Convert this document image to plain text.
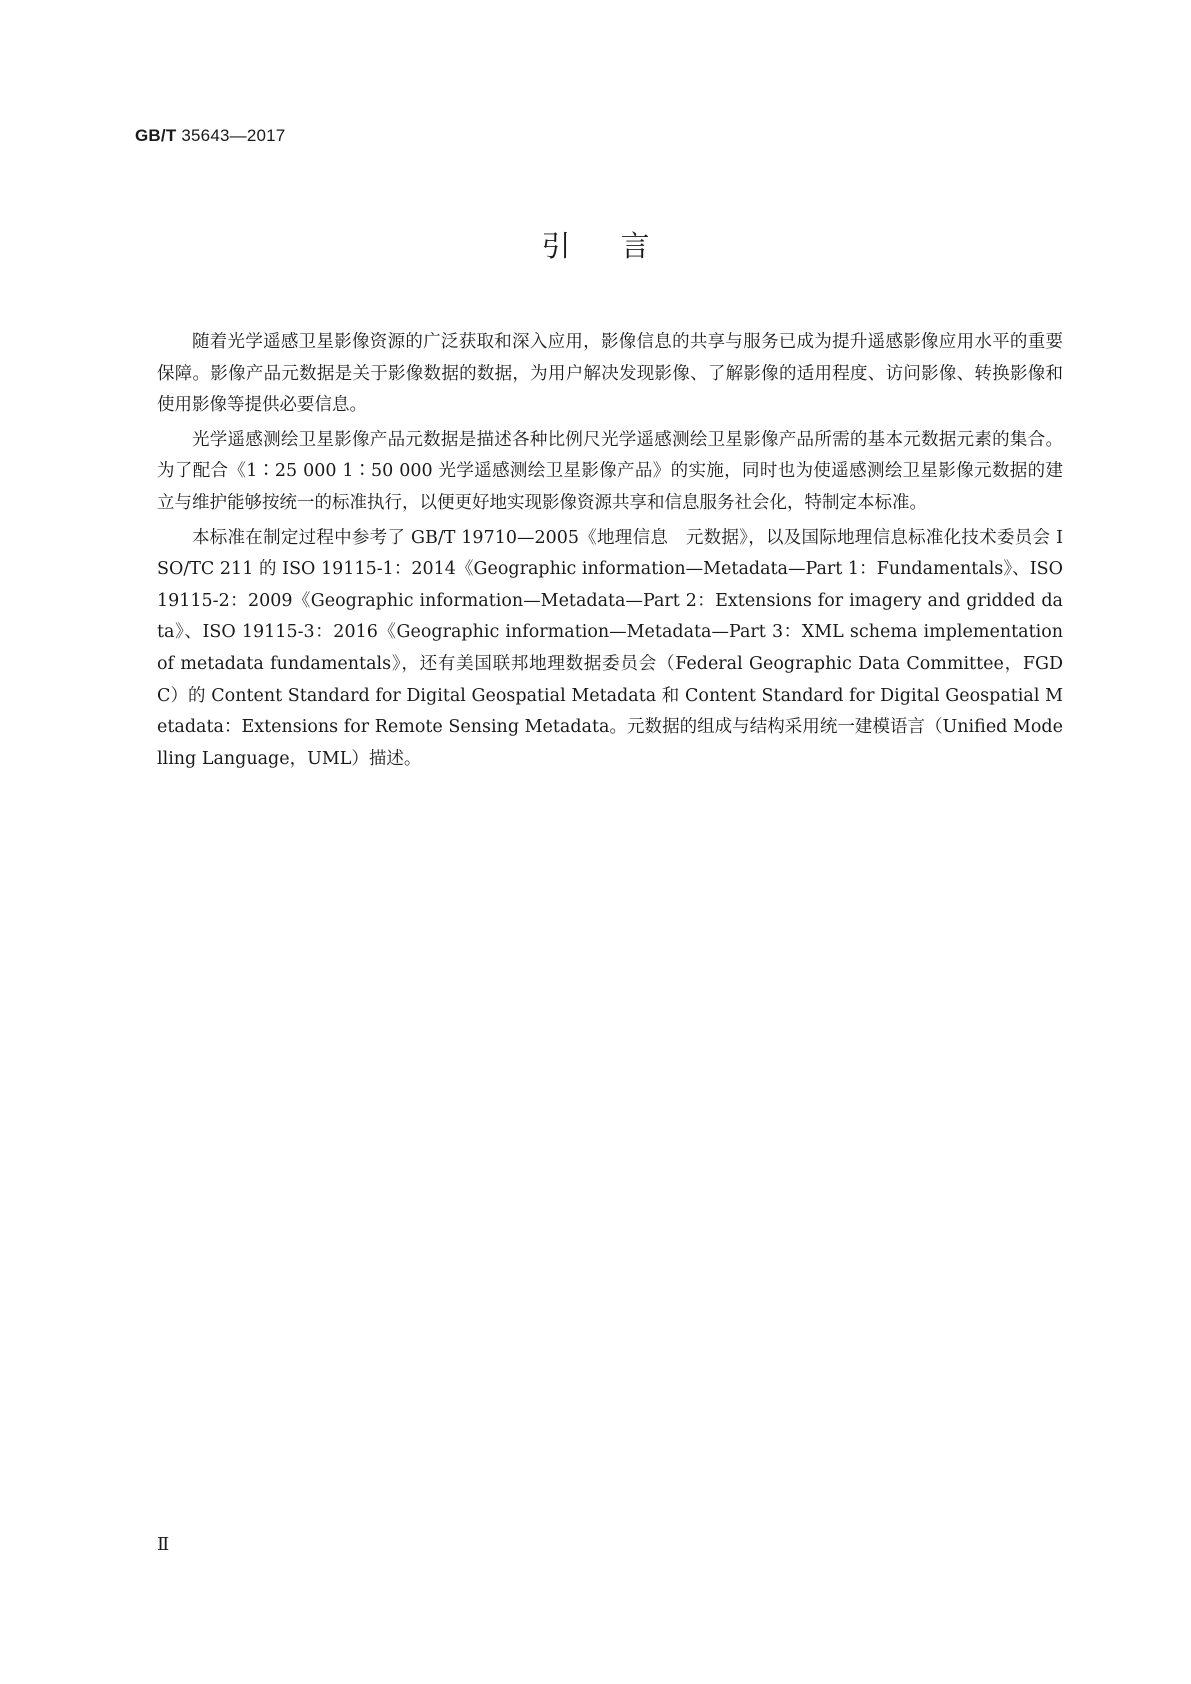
GB/T 35643—2017
引言

随着光学遥感卫星影像资源的广泛获取和深入应用，影像信息的共享与服务已成为提升遥感影像应用水平的重要保障。影像产品元数据是关于影像数据的数据，为用户解决发现影像、了解影像的适用程度、访问影像、转换影像和使用影像等提供必要信息。

光学遥感测绘卫星影像产品元数据是描述各种比例尺光学遥感测绘卫星影像产品所需的基本元数据元素的集合。为了配合《1∶25 000 1∶50 000 光学遥感测绘卫星影像产品》的实施，同时也为使遥感测绘卫星影像元数据的建立与维护能够按统一的标准执行，以便更好地实现影像资源共享和信息服务社会化，特制定本标准。

本标准在制定过程中参考了 GB/T 19710—2005《地理信息　元数据》，以及国际地理信息标准化技术委员会 ISO/TC 211 的 ISO 19115-1：2014《Geographic information—Metadata—Part 1：Fundamentals》、ISO 19115-2：2009《Geographic information—Metadata—Part 2：Extensions for imagery and gridded data》、ISO 19115-3：2016《Geographic information—Metadata—Part 3：XML schema implementation of metadata fundamentals》，还有美国联邦地理数据委员会（Federal Geographic Data Committee，FGDC）的 Content Standard for Digital Geospatial Metadata 和 Content Standard for Digital Geospatial Metadata：Extensions for Remote Sensing Metadata。元数据的组成与结构采用统一建模语言（Unified Modelling Language，UML）描述。

Ⅱ
